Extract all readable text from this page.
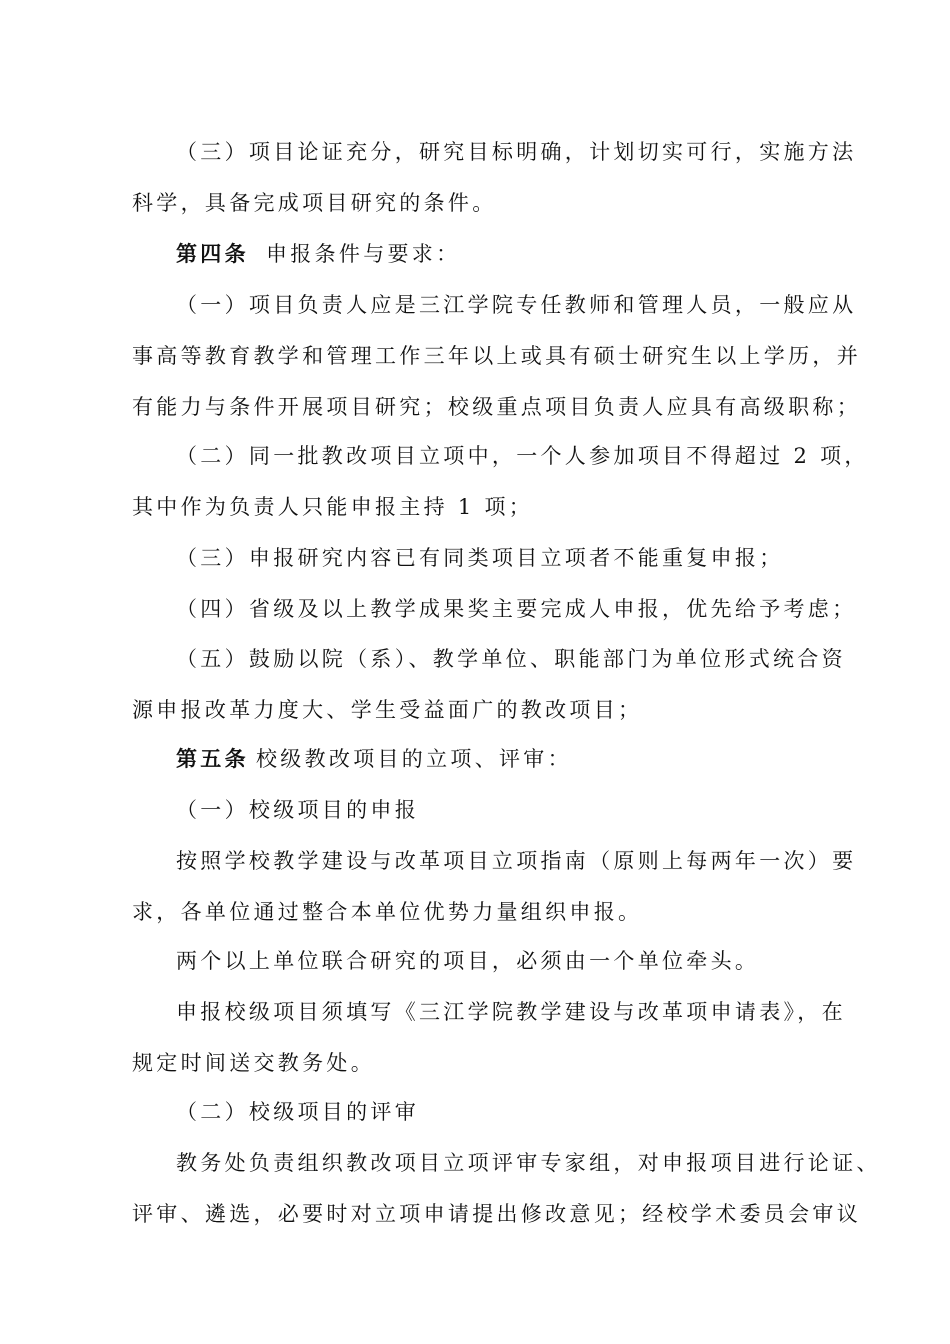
（三）项目论证充分，研究目标明确，计划切实可行，实施方法
科学，具备完成项目研究的条件。
第四条 申报条件与要求：
（一）项目负责人应是三江学院专任教师和管理人员，一般应从
事高等教育教学和管理工作三年以上或具有硕士研究生以上学历，并
有能力与条件开展项目研究；校级重点项目负责人应具有高级职称；
（二）同一批教改项目立项中，一个人参加项目不得超过 2 项，
其中作为负责人只能申报主持 1 项；
（三）申报研究内容已有同类项目立项者不能重复申报；
（四）省级及以上教学成果奖主要完成人申报，优先给予考虑；
（五）鼓励以院（系）、教学单位、职能部门为单位形式统合资
源申报改革力度大、学生受益面广的教改项目；
第五条 校级教改项目的立项、评审：
（一）校级项目的申报
按照学校教学建设与改革项目立项指南（原则上每两年一次）要
求，各单位通过整合本单位优势力量组织申报。
两个以上单位联合研究的项目，必须由一个单位牵头。
申报校级项目须填写《三江学院教学建设与改革项申请表》，在
规定时间送交教务处。
（二）校级项目的评审
教务处负责组织教改项目立项评审专家组，对申报项目进行论证、
评审、遴选，必要时对立项申请提出修改意见；经校学术委员会审议
